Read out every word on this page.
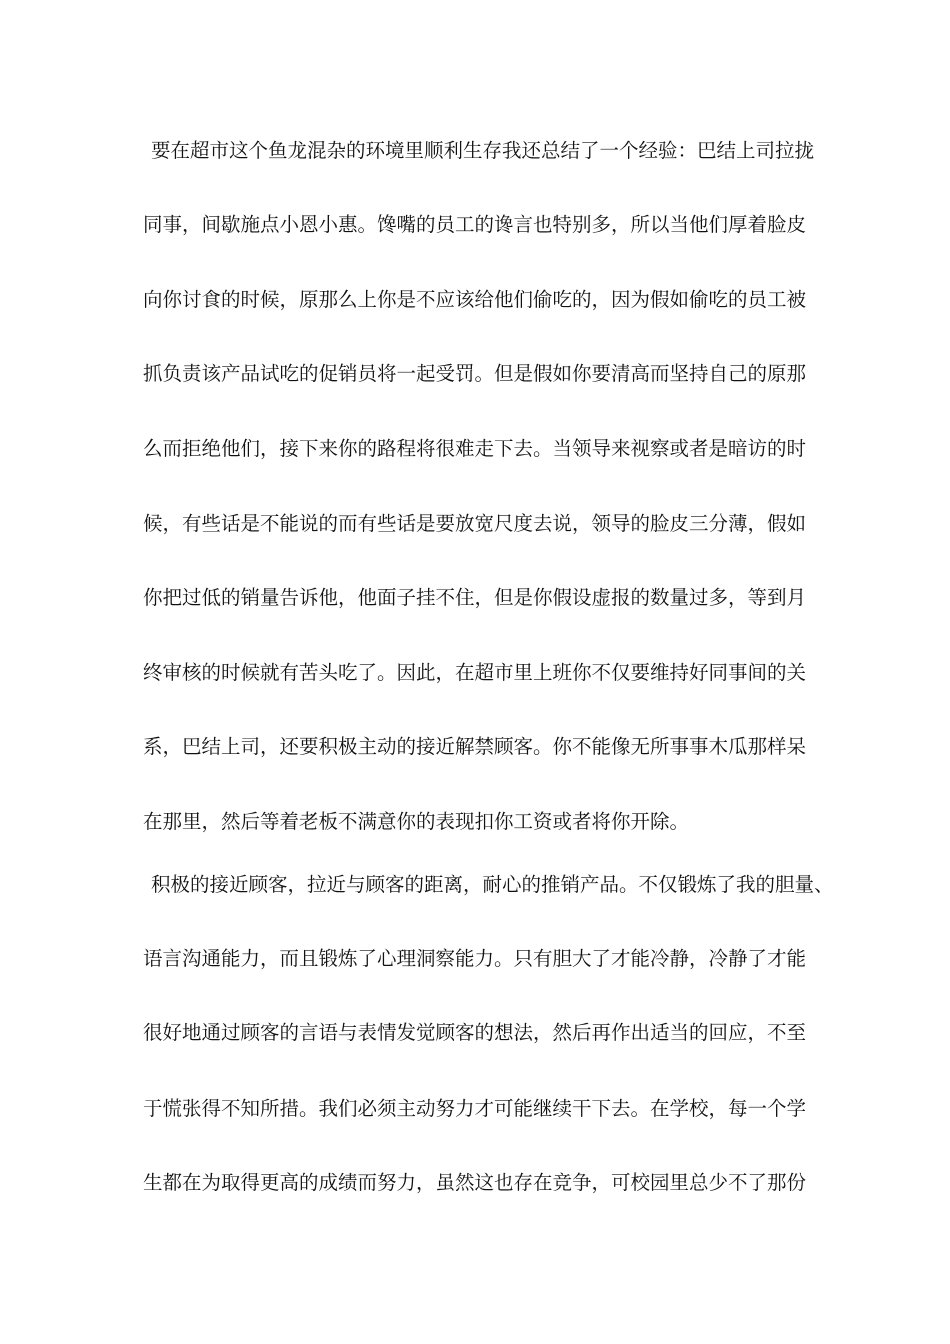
要在超市这个鱼龙混杂的环境里顺利生存我还总结了一个经验：巴结上司拉拢
同事，间歇施点小恩小惠。馋嘴的员工的谗言也特别多，所以当他们厚着脸皮
向你讨食的时候，原那么上你是不应该给他们偷吃的，因为假如偷吃的员工被
抓负责该产品试吃的促销员将一起受罚。但是假如你要清高而坚持自己的原那
么而拒绝他们，接下来你的路程将很难走下去。当领导来视察或者是暗访的时
候，有些话是不能说的而有些话是要放宽尺度去说，领导的脸皮三分薄，假如
你把过低的销量告诉他，他面子挂不住，但是你假设虚报的数量过多，等到月
终审核的时候就有苦头吃了。因此，在超市里上班你不仅要维持好同事间的关
系，巴结上司，还要积极主动的接近解禁顾客。你不能像无所事事木瓜那样呆
在那里，然后等着老板不满意你的表现扣你工资或者将你开除。
积极的接近顾客，拉近与顾客的距离，耐心的推销产品。不仅锻炼了我的胆量、
语言沟通能力，而且锻炼了心理洞察能力。只有胆大了才能冷静，冷静了才能
很好地通过顾客的言语与表情发觉顾客的想法，然后再作出适当的回应，不至
于慌张得不知所措。我们必须主动努力才可能继续干下去。在学校，每一个学
生都在为取得更高的成绩而努力，虽然这也存在竞争，可校园里总少不了那份
